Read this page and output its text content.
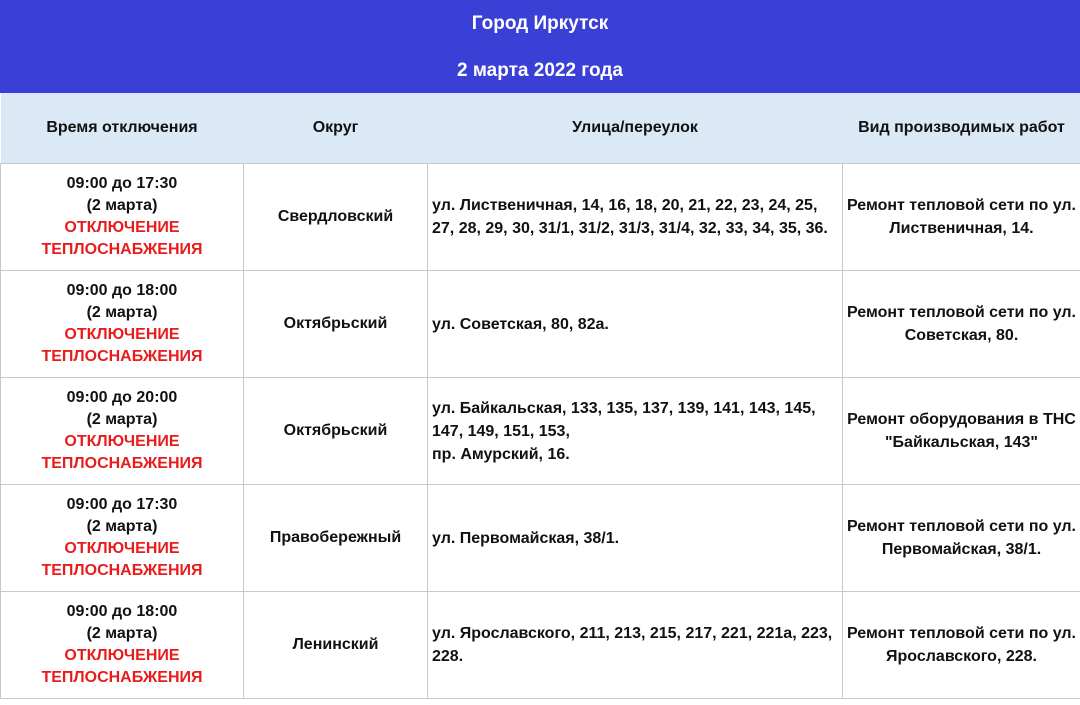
Город Иркутск
2 марта 2022 года
Время отключения	Округ	Улица/переулок	Вид производимых работ

09:00 до 17:30
(2 марта)
ОТКЛЮЧЕНИЕ
ТЕПЛОСНАБЖЕНИЯ	Свердловский	ул. Лиственичная, 14, 16, 18, 20, 21, 22, 23, 24, 25, 27, 28, 29, 30, 31/1, 31/2, 31/3, 31/4, 32, 33, 34, 35, 36.	Ремонт тепловой сети по ул. Лиственичная, 14.

09:00 до 18:00
(2 марта)
ОТКЛЮЧЕНИЕ
ТЕПЛОСНАБЖЕНИЯ	Октябрьский	ул. Советская, 80, 82а.	Ремонт тепловой сети по ул. Советская, 80.

09:00 до 20:00
(2 марта)
ОТКЛЮЧЕНИЕ
ТЕПЛОСНАБЖЕНИЯ	Октябрьский	ул. Байкальская, 133, 135, 137, 139, 141, 143, 145, 147, 149, 151, 153,
пр. Амурский, 16.	Ремонт оборудования в ТНС "Байкальская, 143"

09:00 до 17:30
(2 марта)
ОТКЛЮЧЕНИЕ
ТЕПЛОСНАБЖЕНИЯ	Правобережный	ул. Первомайская, 38/1.	Ремонт тепловой сети по ул. Первомайская, 38/1.

09:00 до 18:00
(2 марта)
ОТКЛЮЧЕНИЕ
ТЕПЛОСНАБЖЕНИЯ	Ленинский	ул. Ярославского, 211, 213, 215, 217, 221, 221а, 223, 228.	Ремонт тепловой сети по ул. Ярославского, 228.
